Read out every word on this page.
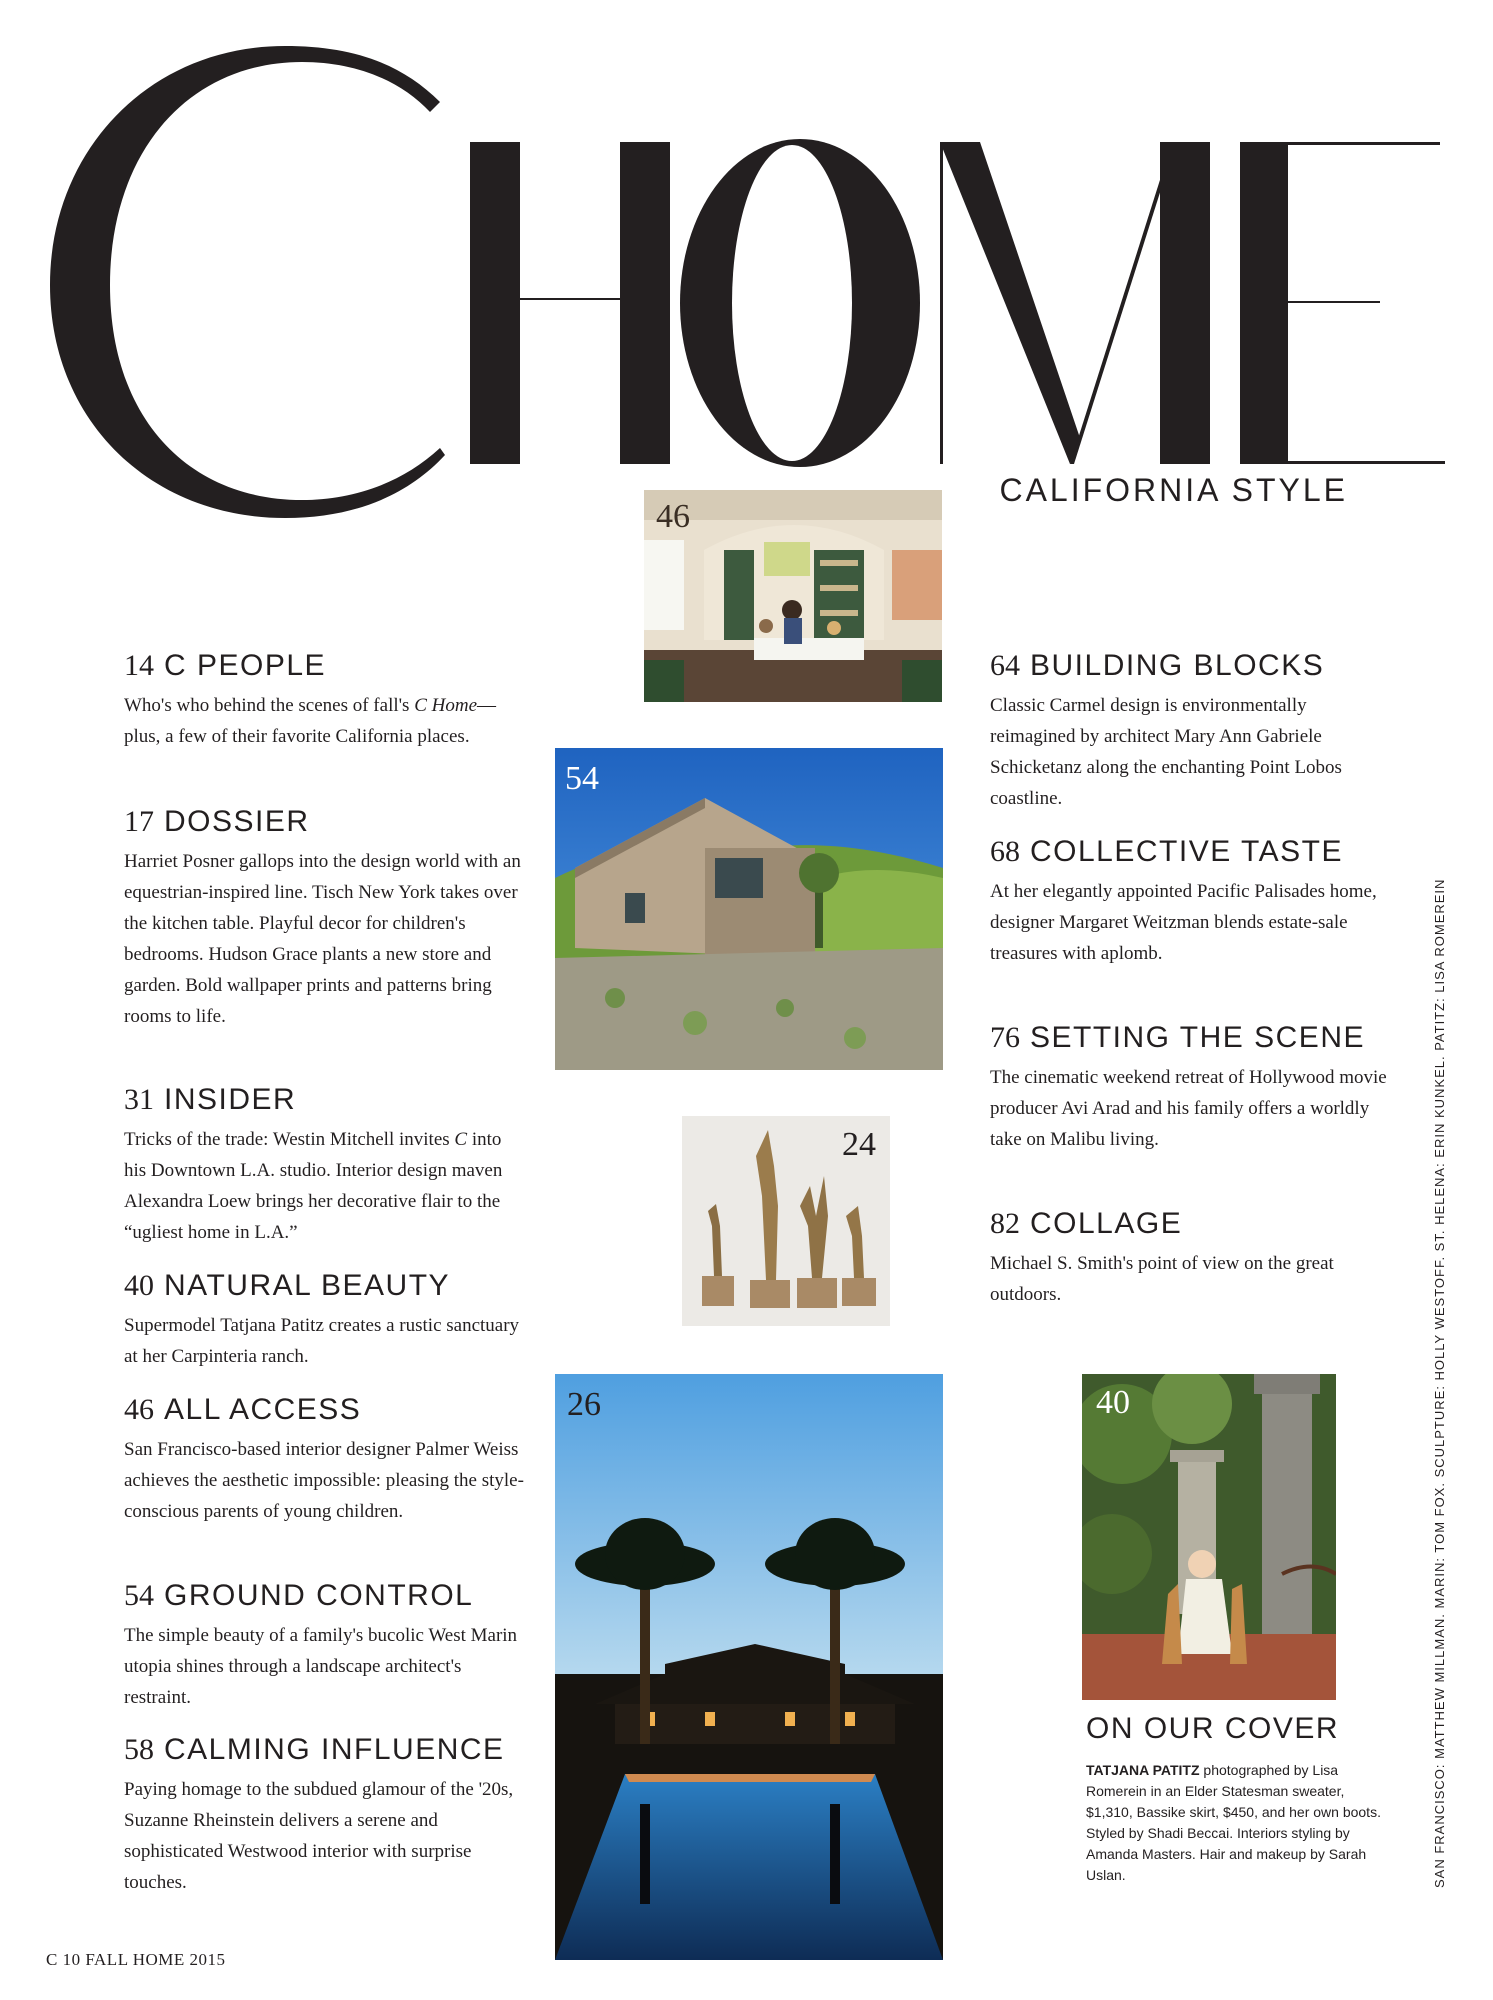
CALIFORNIA STYLE
14 C PEOPLE

Who's who behind the scenes of fall's C Home—plus, a few of their favorite California places.

17 DOSSIER

Harriet Posner gallops into the design world with an equestrian-inspired line. Tisch New York takes over the kitchen table. Playful decor for children's bedrooms. Hudson Grace plants a new store and garden. Bold wallpaper prints and patterns bring rooms to life.

31 INSIDER

Tricks of the trade: Westin Mitchell invites C into his Downtown L.A. studio. Interior design maven Alexandra Loew brings her decorative flair to the “ugliest home in L.A.”

40 NATURAL BEAUTY

Supermodel Tatjana Patitz creates a rustic sanctuary at her Carpinteria ranch.

46 ALL ACCESS

San Francisco-based interior designer Palmer Weiss achieves the aesthetic impossible: pleasing the style-conscious parents of young children.

54 GROUND CONTROL

The simple beauty of a family's bucolic West Marin utopia shines through a landscape architect's restraint.

58 CALMING INFLUENCE

Paying homage to the subdued glamour of the '20s, Suzanne Rheinstein delivers a serene and sophisticated Westwood interior with surprise touches.

64 BUILDING BLOCKS

Classic Carmel design is environmentally reimagined by architect Mary Ann Gabriele Schicketanz along the enchanting Point Lobos coastline.

68 COLLECTIVE TASTE

At her elegantly appointed Pacific Palisades home, designer Margaret Weitzman blends estate-sale treasures with aplomb.

76 SETTING THE SCENE

The cinematic weekend retreat of Hollywood movie producer Avi Arad and his family offers a worldly take on Malibu living.

82 COLLAGE

Michael S. Smith's point of view on the great outdoors.

46
54
24
26	40
ON OUR COVER

TATJANA PATITZ photographed by Lisa Romerein in an Elder Statesman sweater, $1,310, Bassike skirt, $450, and her own boots. Styled by Shadi Beccai. Interiors styling by Amanda Masters. Hair and makeup by Sarah Uslan.	SAN FRANCISCO: MATTHEW MILLMAN. MARIN: TOM FOX. SCULPTURE: HOLLY WESTOFF. ST. HELENA: ERIN KUNKEL. PATITZ: LISA ROMEREIN
C 10 FALL HOME 2015
